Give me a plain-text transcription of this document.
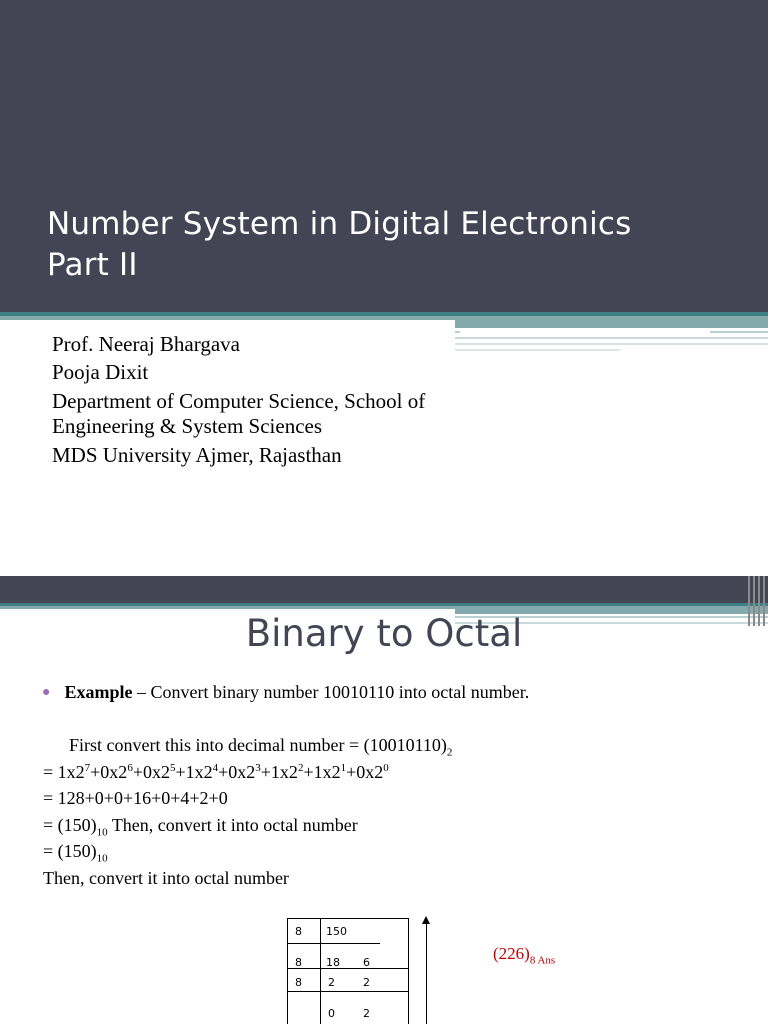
Number System in Digital Electronics
Part II
Prof. Neeraj Bhargava
Pooja Dixit
Department of Computer Science, School of
Engineering & System Sciences
MDS University Ajmer, Rajasthan
Binary to Octal
● Example – Convert binary number 10010110 into octal number.
First convert this into decimal number = $(10010110)_2$
= $1x2^7+0x2^6+0x2^5+1x2^4+0x2^3+1x2^2+1x2^1+0x2^0$
= 128+0+0+16+0+4+2+0
= $(150)_{10}$ Then, convert it into octal number
= $(150)_{10}$
Then, convert it into octal number
8 150
8 18 6
8 2	2
0	2
$(226)_{8 Ans}$
